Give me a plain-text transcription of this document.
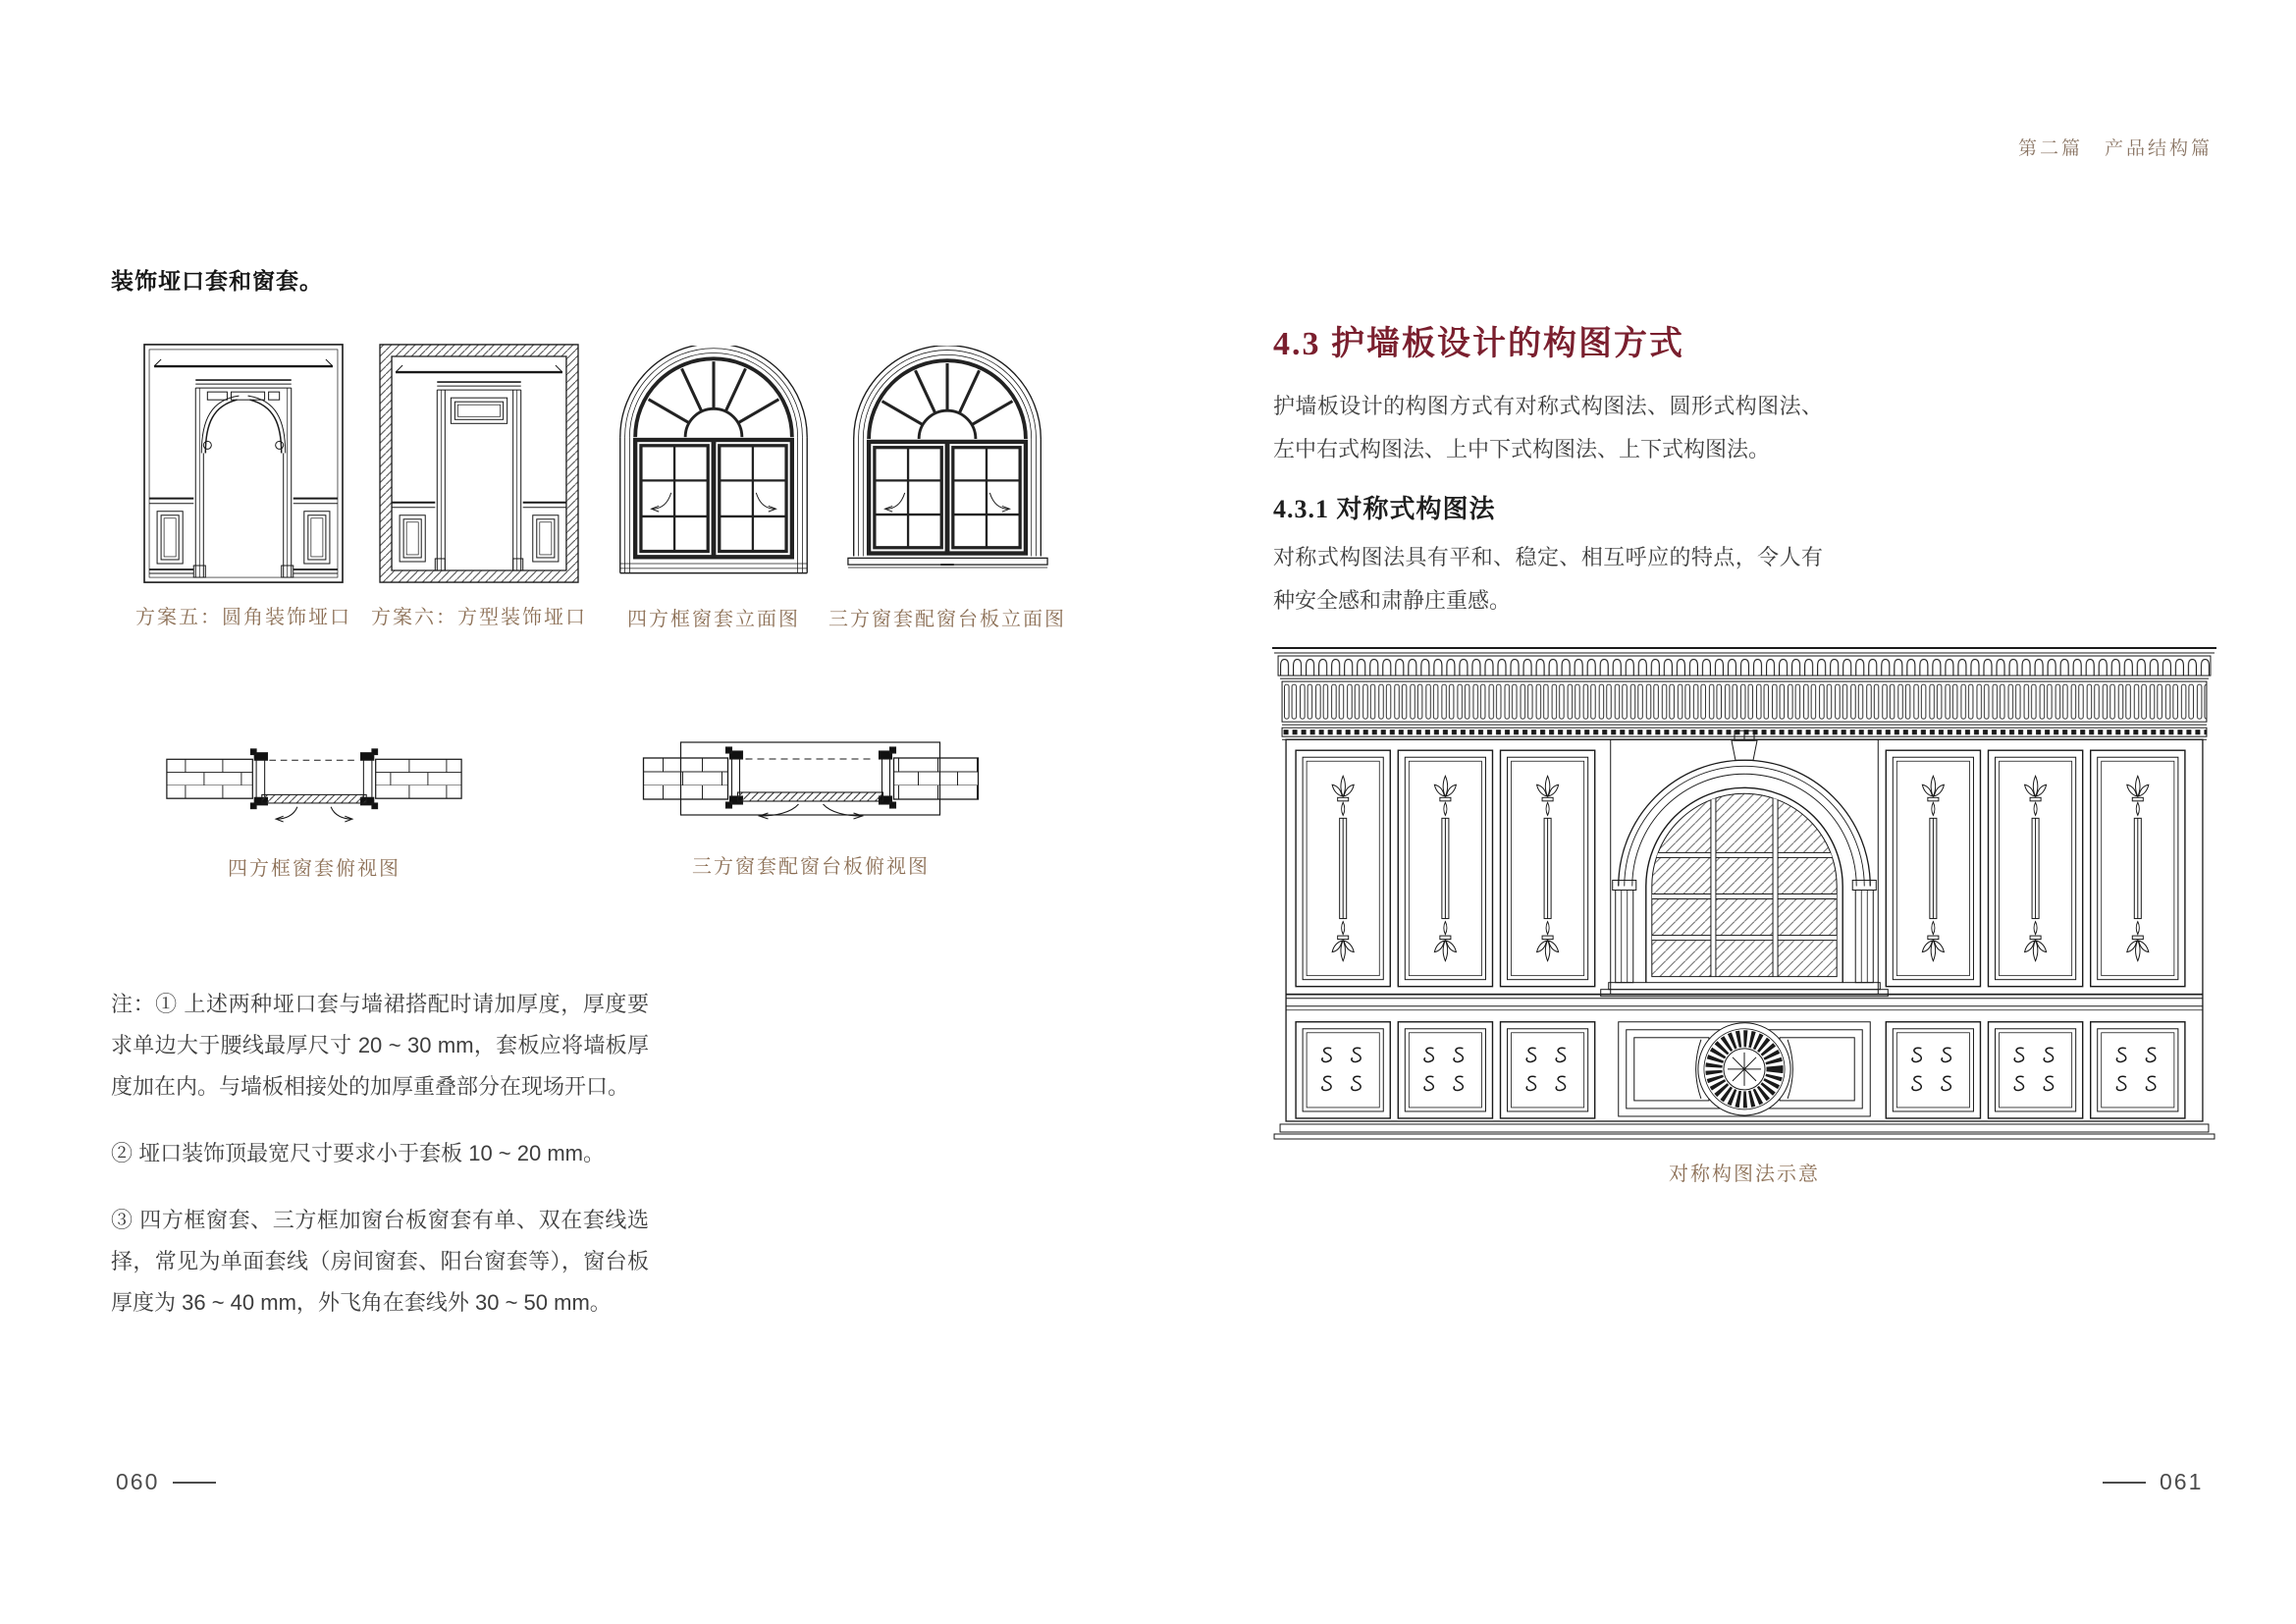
第二篇　产品结构篇
装饰垭口套和窗套。
方案五：圆角装饰垭口 方案六：方型装饰垭口 四方框窗套立面图 三方窗套配窗台板立面图
四方框窗套俯视图	三方窗套配窗台板俯视图

注：① 上述两种垭口套与墙裙搭配时请加厚度，厚度要求单边大于腰线最厚尺寸 20 ~ 30 mm，套板应将墙板厚度加在内。与墙板相接处的加厚重叠部分在现场开口。

② 垭口装饰顶最宽尺寸要求小于套板 10 ~ 20 mm。

③ 四方框窗套、三方框加窗台板窗套有单、双在套线选择，常见为单面套线（房间窗套、阳台窗套等），窗台板厚度为 36 ~ 40 mm，外飞角在套线外 30 ~ 50 mm。

060
4.3 护墙板设计的构图方式

护墙板设计的构图方式有对称式构图法、圆形式构图法、左中右式构图法、上中下式构图法、上下式构图法。

4.3.1 对称式构图法

对称式构图法具有平和、稳定、相互呼应的特点，令人有种安全感和肃静庄重感。

对称构图法示意
061
